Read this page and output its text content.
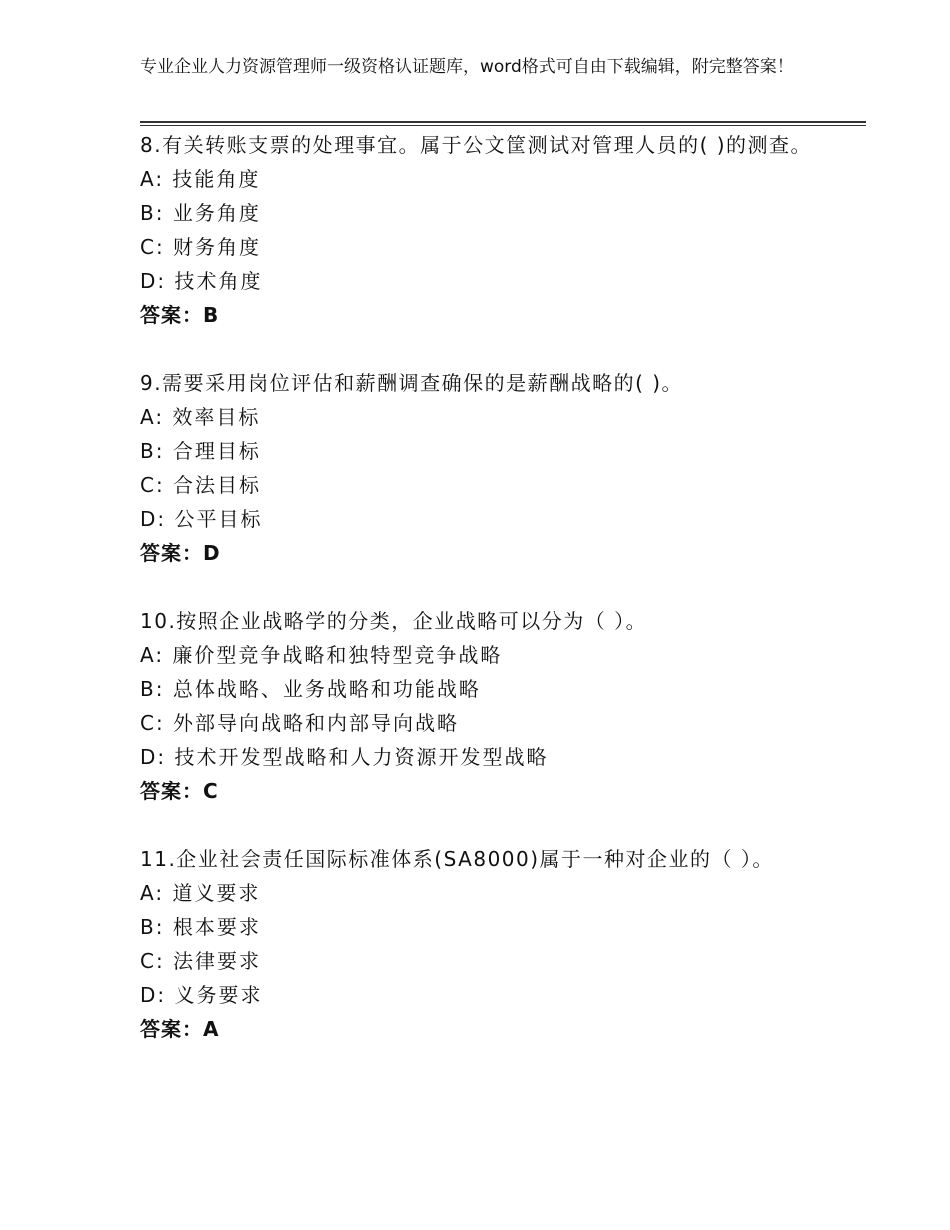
专业企业人力资源管理师一级资格认证题库，word格式可自由下载编辑，附完整答案！
8.有关转账支票的处理事宜。属于公文筐测试对管理人员的( )的测查。
A: 技能角度
B: 业务角度
C: 财务角度
D: 技术角度
答案：B
9.需要采用岗位评估和薪酬调查确保的是薪酬战略的( )。
A: 效率目标
B: 合理目标
C: 合法目标
D: 公平目标
答案：D
10.按照企业战略学的分类，企业战略可以分为（ ）。
A: 廉价型竞争战略和独特型竞争战略
B: 总体战略、业务战略和功能战略
C: 外部导向战略和内部导向战略
D: 技术开发型战略和人力资源开发型战略
答案：C
11.企业社会责任国际标准体系(SA8000)属于一种对企业的（ ）。
A: 道义要求
B: 根本要求
C: 法律要求
D: 义务要求
答案：A
